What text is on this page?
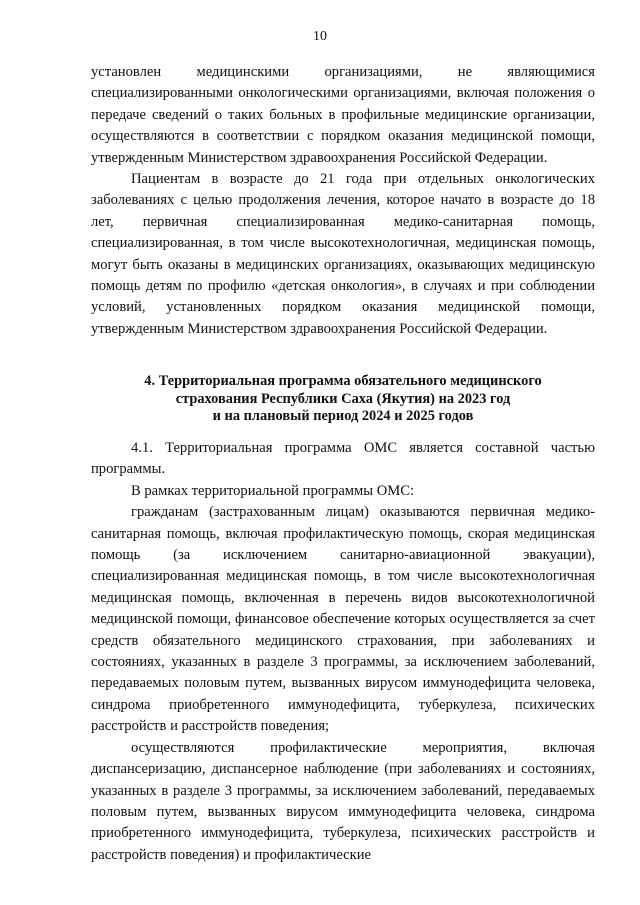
10

установлен медицинскими организациями, не являющимися специализированными онкологическими организациями, включая положения о передаче сведений о таких больных в профильные медицинские организации, осуществляются в соответствии с порядком оказания медицинской помощи, утвержденным Министерством здравоохранения Российской Федерации.

Пациентам в возрасте до 21 года при отдельных онкологических заболеваниях с целью продолжения лечения, которое начато в возрасте до 18 лет, первичная специализированная медико-санитарная помощь, специализированная, в том числе высокотехнологичная, медицинская помощь, могут быть оказаны в медицинских организациях, оказывающих медицинскую помощь детям по профилю «детская онкология», в случаях и при соблюдении условий, установленных порядком оказания медицинской помощи, утвержденным Министерством здравоохранения Российской Федерации.

4. Территориальная программа обязательного медицинского
страхования Республики Саха (Якутия) на 2023 год
и на плановый период 2024 и 2025 годов

4.1. Территориальная программа ОМС является составной частью программы.

В рамках территориальной программы ОМС:

гражданам (застрахованным лицам) оказываются первичная медико-санитарная помощь, включая профилактическую помощь, скорая медицинская помощь (за исключением санитарно-авиационной эвакуации), специализированная медицинская помощь, в том числе высокотехнологичная медицинская помощь, включенная в перечень видов высокотехнологичной медицинской помощи, финансовое обеспечение которых осуществляется за счет средств обязательного медицинского страхования, при заболеваниях и состояниях, указанных в разделе 3 программы, за исключением заболеваний, передаваемых половым путем, вызванных вирусом иммунодефицита человека, синдрома приобретенного иммунодефицита, туберкулеза, психических расстройств и расстройств поведения;

осуществляются профилактические мероприятия, включая диспансеризацию, диспансерное наблюдение (при заболеваниях и состояниях, указанных в разделе 3 программы, за исключением заболеваний, передаваемых половым путем, вызванных вирусом иммунодефицита человека, синдрома приобретенного иммунодефицита, туберкулеза, психических расстройств и расстройств поведения) и профилактические
